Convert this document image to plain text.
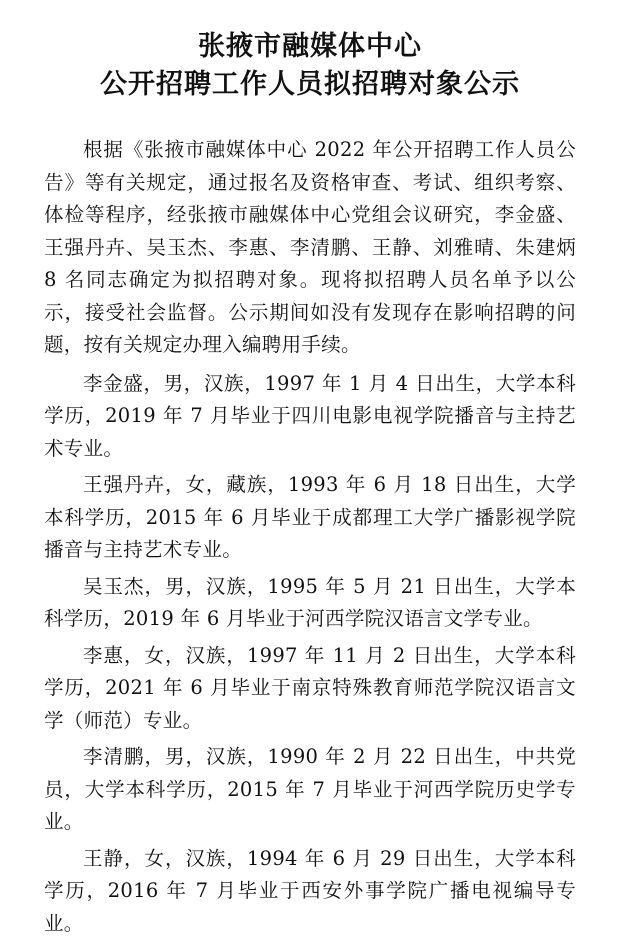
张掖市融媒体中心
公开招聘工作人员拟招聘对象公示

根据《张掖市融媒体中心 2022 年公开招聘工作人员公告》等有关规定，通过报名及资格审查、考试、组织考察、体检等程序，经张掖市融媒体中心党组会议研究，李金盛、王强丹卉、吴玉杰、李惠、李清鹏、王静、刘雅晴、朱建炳 8 名同志确定为拟招聘对象。现将拟招聘人员名单予以公示，接受社会监督。公示期间如没有发现存在影响招聘的问题，按有关规定办理入编聘用手续。

李金盛，男，汉族，1997 年 1 月 4 日出生，大学本科学历，2019 年 7 月毕业于四川电影电视学院播音与主持艺术专业。

王强丹卉，女，藏族，1993 年 6 月 18 日出生，大学本科学历，2015 年 6 月毕业于成都理工大学广播影视学院播音与主持艺术专业。

吴玉杰，男，汉族，1995 年 5 月 21 日出生，大学本科学历，2019 年 6 月毕业于河西学院汉语言文学专业。

李惠，女，汉族，1997 年 11 月 2 日出生，大学本科学历，2021 年 6 月毕业于南京特殊教育师范学院汉语言文学（师范）专业。

李清鹏，男，汉族，1990 年 2 月 22 日出生，中共党员，大学本科学历，2015 年 7 月毕业于河西学院历史学专业。

王静，女，汉族，1994 年 6 月 29 日出生，大学本科学历，2016 年 7 月毕业于西安外事学院广播电视编导专业。
